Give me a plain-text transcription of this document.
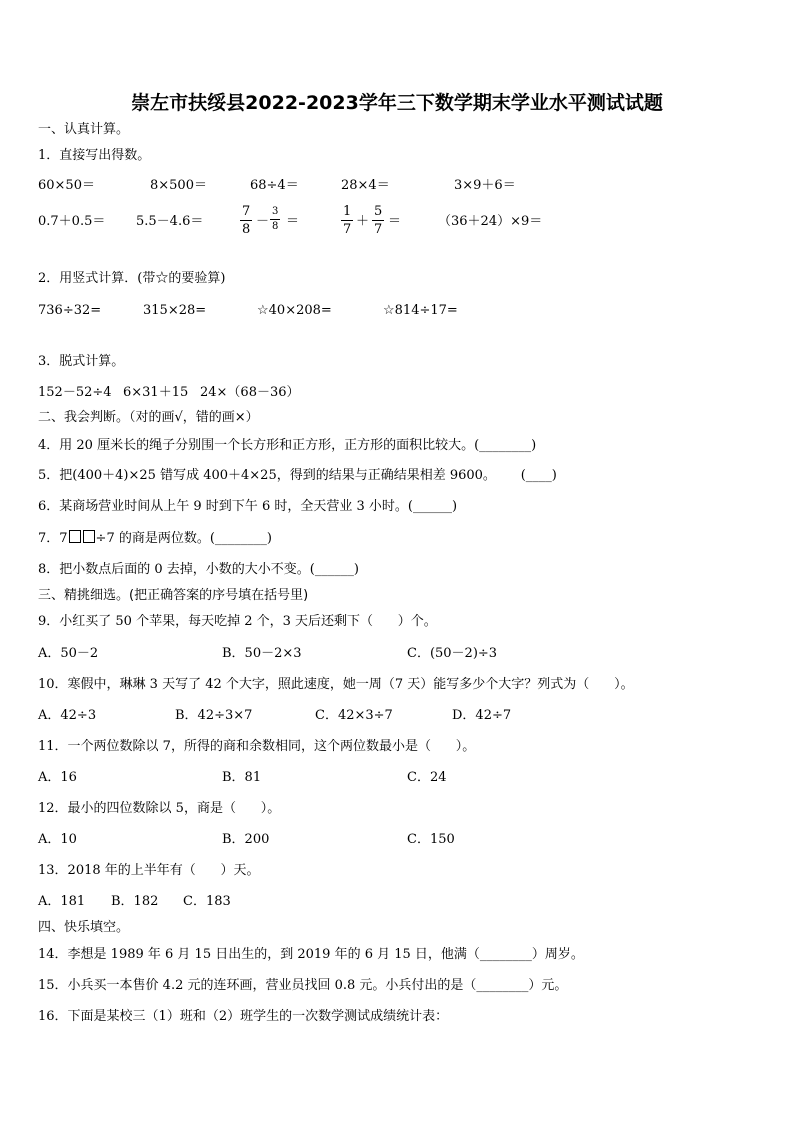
崇左市扶绥县2022-2023学年三下数学期末学业水平测试试题
一、认真计算。
1．直接写出得数。
60×50＝	8×500＝	68÷4＝	28×4＝	3×9＋6＝
0.7＋0.5＝ 5.5－4.6＝
7
8
－
3
8 ＝
1
7
＋
5
7
＝	（36＋24）×9＝
2．用竖式计算．(带☆的要验算)
736÷32=	315×28=	☆40×208=	☆814÷17=
3．脱式计算。
152－52÷4 6×31＋15 24×（68－36）
二、我会判断。（对的画√，错的画×）
4．用 20 厘米长的绳子分别围一个长方形和正方形，正方形的面积比较大。(________)
5．把(400＋4)×25 错写成 400＋4×25，得到的结果与正确结果相差 9600。      (____)
6．某商场营业时间从上午 9 时到下午 6 时，全天营业 3 小时。(______)
7．7 ÷7 的商是两位数。(________)
8．把小数点后面的 0 去掉，小数的大小不变。(______)
三、精挑细选。(把正确答案的序号填在括号里)
9．小红买了 50 个苹果，每天吃掉 2 个，3 天后还剩下（      ）个。
A．50－2	B．50－2×3	C．(50－2)÷3
10．寒假中，琳琳 3 天写了 42 个大字，照此速度，她一周（7 天）能写多少个大字？列式为（      ）。
A．42÷3	B．42÷3×7	C．42×3÷7	D．42÷7
11．一个两位数除以 7，所得的商和余数相同，这个两位数最小是（      ）。
A．16	B．81	C．24
12．最小的四位数除以 5，商是（      ）。
A．10	B．200	C．150
13．2018 年的上半年有（      ）天。
A．181 B．182 C．183
四、快乐填空。
14．李想是 1989 年 6 月 15 日出生的，到 2019 年的 6 月 15 日，他满（________）周岁。
15．小兵买一本售价 4.2 元的连环画，营业员找回 0.8 元。小兵付出的是（________）元。
16．下面是某校三（1）班和（2）班学生的一次数学测试成绩统计表：
